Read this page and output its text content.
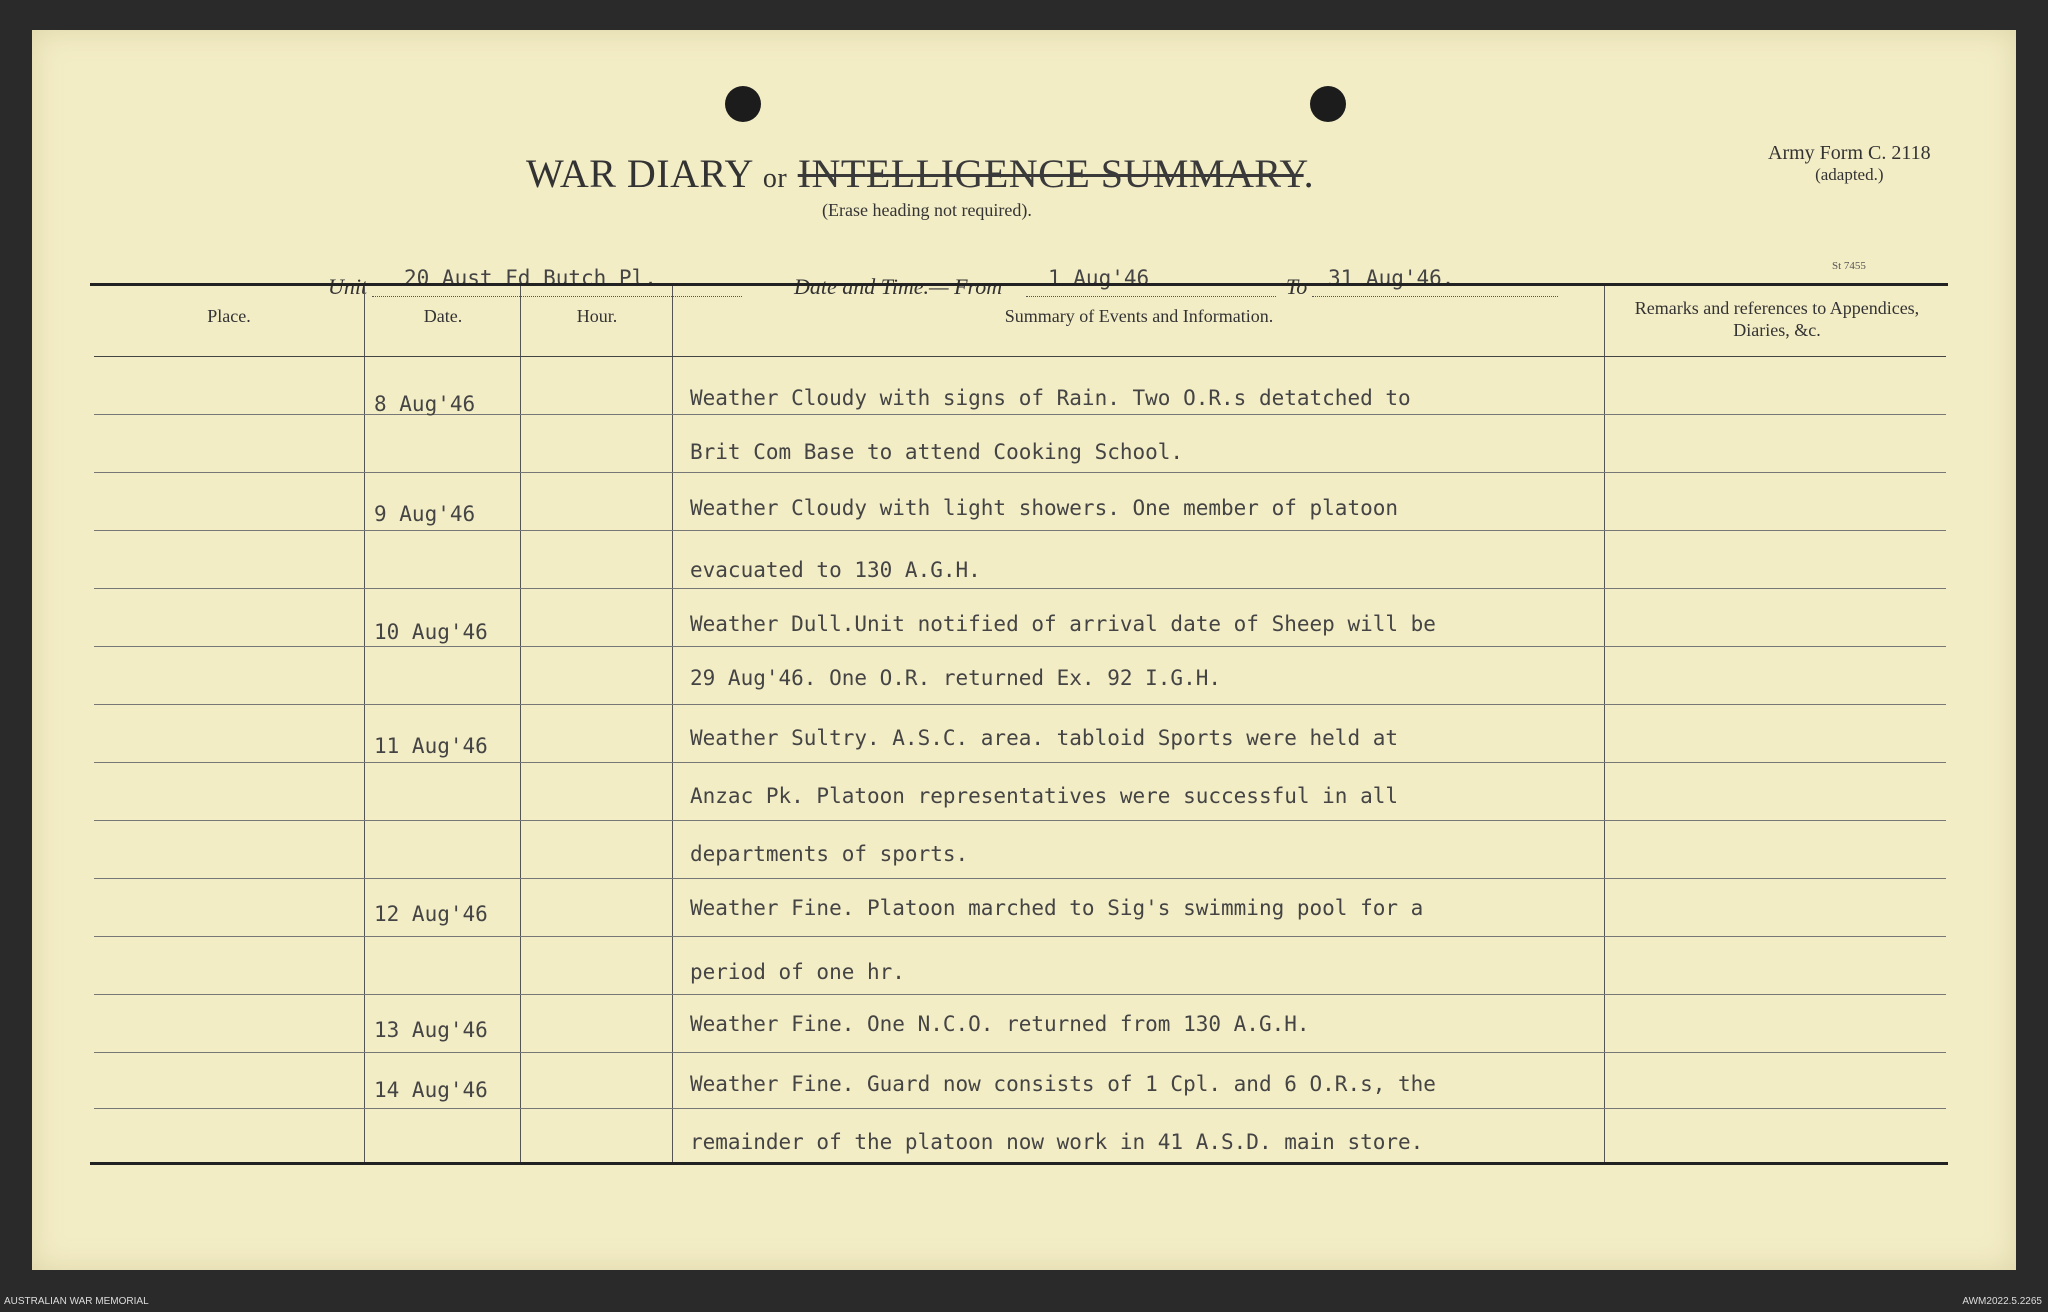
WAR DIARY or INTELLIGENCE SUMMARY.
(Erase heading not required).
Army Form C. 2118
(adapted.)
St 7455
Unit 20 Aust Fd Butch Pl.	Date and Time.— From 1 Aug'46	To 31 Aug'46.
Place.	Date.	Hour.	Summary of Events and Information.	Remarks and references to Appendices, Diaries, &c.
8 Aug'46	Weather Cloudy with signs of Rain. Two O.R.s detatched to
Brit Com Base to attend Cooking School.
9 Aug'46	Weather Cloudy with light showers. One member of platoon
evacuated to 130 A.G.H.
10 Aug'46	Weather Dull.Unit notified of arrival date of Sheep will be
29 Aug'46. One O.R. returned Ex. 92 I.G.H.
11 Aug'46	Weather Sultry. A.S.C. area. tabloid Sports were held at
Anzac Pk. Platoon representatives were successful in all
departments of sports.
12 Aug'46	Weather Fine. Platoon marched to Sig's swimming pool for a
period of one hr.
13 Aug'46	Weather Fine. One N.C.O. returned from 130 A.G.H.
14 Aug'46	Weather Fine. Guard now consists of 1 Cpl. and 6 O.R.s, the
remainder of the platoon now work in 41 A.S.D. main store.
AUSTRALIAN WAR MEMORIAL	AWM2022.5.2265
